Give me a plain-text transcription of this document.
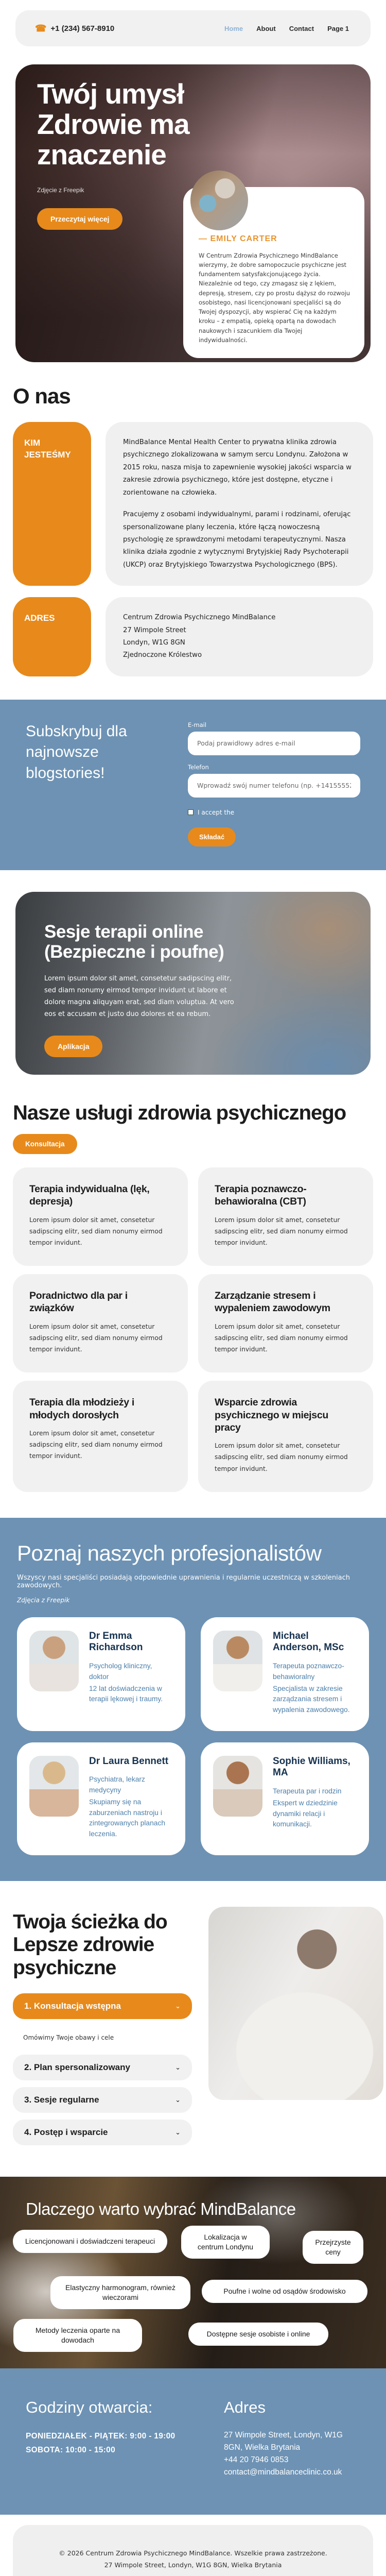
☎ +1 (234) 567-8910	Home About Contact Page 1
Twój umysł
Zdrowie ma
znaczenie
Zdjęcie z Freepik
Przeczytaj więcej
— EMILY CARTER

W Centrum Zdrowia Psychicznego MindBalance wierzymy, że dobre samopoczucie psychiczne jest fundamentem satysfakcjonującego życia. Niezależnie od tego, czy zmagasz się z lękiem, depresją, stresem, czy po prostu dążysz do rozwoju osobistego, nasi licencjonowani specjaliści są do Twojej dyspozycji, aby wspierać Cię na każdym kroku – z empatią, opieką opartą na dowodach naukowych i szacunkiem dla Twojej indywidualności.

O nas
KIM JESTEŚMY

MindBalance Mental Health Center to prywatna klinika zdrowia psychicznego zlokalizowana w samym sercu Londynu. Założona w 2015 roku, nasza misja to zapewnienie wysokiej jakości wsparcia w zakresie zdrowia psychicznego, które jest dostępne, etyczne i zorientowane na człowieka.

Pracujemy z osobami indywidualnymi, parami i rodzinami, oferując spersonalizowane plany leczenia, które łączą nowoczesną psychologię ze sprawdzonymi metodami terapeutycznymi. Nasza klinika działa zgodnie z wytycznymi Brytyjskiej Rady Psychoterapii (UKCP) oraz Brytyjskiego Towarzystwa Psychologicznego (BPS).

ADRES	Centrum Zdrowia Psychicznego MindBalance
27 Wimpole Street
Londyn, W1G 8GN
Zjednoczone Królestwo
Subskrybuj dla najnowsze blogstories!
E-mail
Podaj prawidłowy adres e-mail
Telefon
Wprowadź swój numer telefonu (np. +14155552675)
I accept the
Składać
Sesje terapii online
(Bezpieczne i poufne)

Lorem ipsum dolor sit amet, consetetur sadipscing elitr, sed diam nonumy eirmod tempor invidunt ut labore et dolore magna aliquyam erat, sed diam voluptua. At vero eos et accusam et justo duo dolores et ea rebum.

Aplikacja
Nasze usługi zdrowia psychicznego
Konsultacja
Terapia indywidualna (lęk, depresja)

Lorem ipsum dolor sit amet, consetetur sadipscing elitr, sed diam nonumy eirmod tempor invidunt.

Terapia poznawczo-behawioralna (CBT)

Lorem ipsum dolor sit amet, consetetur sadipscing elitr, sed diam nonumy eirmod tempor invidunt.

Poradnictwo dla par i związków

Lorem ipsum dolor sit amet, consetetur sadipscing elitr, sed diam nonumy eirmod tempor invidunt.

Zarządzanie stresem i wypaleniem zawodowym

Lorem ipsum dolor sit amet, consetetur sadipscing elitr, sed diam nonumy eirmod tempor invidunt.

Terapia dla młodzieży i młodych dorosłych

Lorem ipsum dolor sit amet, consetetur sadipscing elitr, sed diam nonumy eirmod tempor invidunt.

Wsparcie zdrowia psychicznego w miejscu pracy

Lorem ipsum dolor sit amet, consetetur sadipscing elitr, sed diam nonumy eirmod tempor invidunt.

Poznaj naszych profesjonalistów

Wszyscy nasi specjaliści posiadają odpowiednie uprawnienia i regularnie uczestniczą w szkoleniach zawodowych.

Zdjęcia z Freepik

Dr Emma Richardson

Psycholog kliniczny, doktor

12 lat doświadczenia w terapii lękowej i traumy.

Michael Anderson, MSc

Terapeuta poznawczo-behawioralny

Specjalista w zakresie zarządzania stresem i wypalenia zawodowego.

Dr Laura Bennett

Psychiatra, lekarz medycyny

Skupiamy się na zaburzeniach nastroju i zintegrowanych planach leczenia.

Sophie Williams, MA

Terapeuta par i rodzin

Ekspert w dziedzinie dynamiki relacji i komunikacji.

Twoja ścieżka do
Lepsze zdrowie
psychiczne
1. Konsultacja wstępna	⌄
Omówimy Twoje obawy i cele
2. Plan spersonalizowany	⌄
3. Sesje regularne	⌄
4. Postęp i wsparcie	⌄
Dlaczego warto wybrać MindBalance
Licencjonowani i doświadczeni terapeuci	Lokalizacja w centrum Londynu
Przejrzyste ceny
Elastyczny harmonogram, również wieczorami
Poufne i wolne od osądów środowisko
Metody leczenia oparte na dowodach
Dostępne sesje osobiste i online
Godziny otwarcia:
PONIEDZIAŁEK - PIĄTEK: 9:00 - 19:00
SOBOTA: 10:00 - 15:00
Adres
27 Wimpole Street, Londyn, W1G 8GN, Wielka Brytania
+44 20 7946 0853
contact@mindbalanceclinic.co.uk

© 2026 Centrum Zdrowia Psychicznego MindBalance. Wszelkie prawa zastrzeżone.

27 Wimpole Street, Londyn, W1G 8GN, Wielka Brytania
